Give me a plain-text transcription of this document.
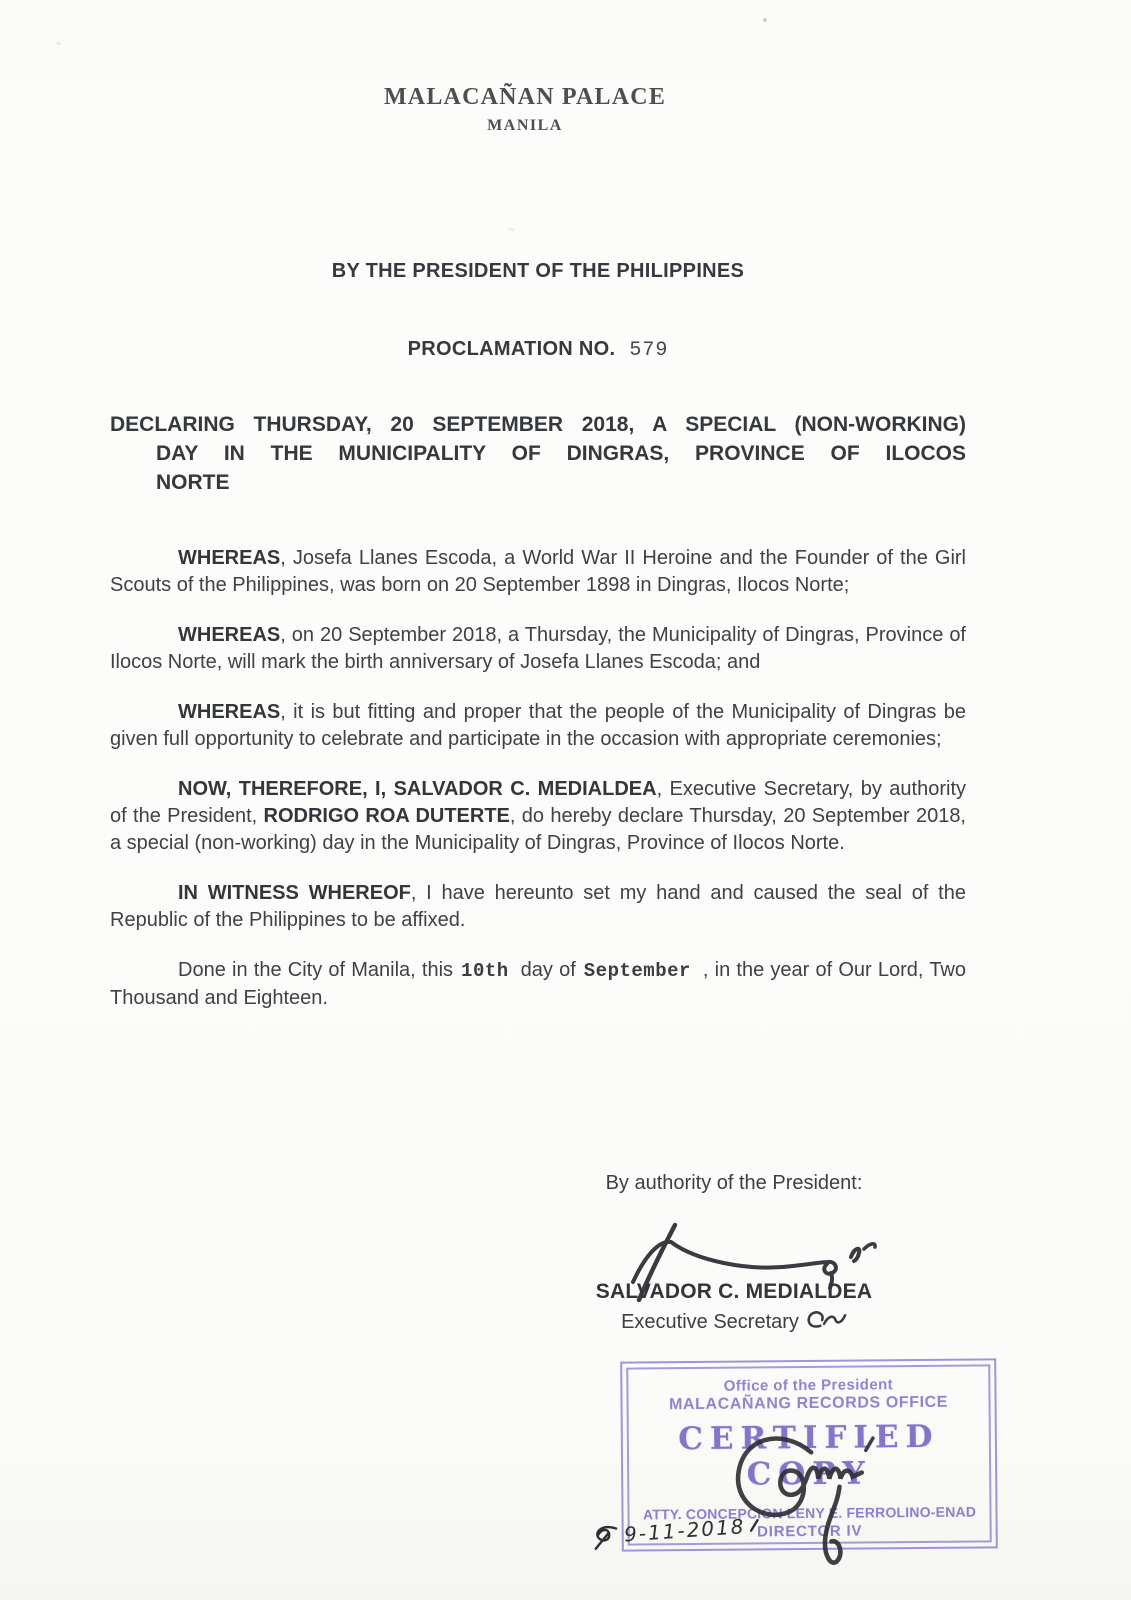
MALACAÑAN PALACE
MANILA
BY THE PRESIDENT OF THE PHILIPPINES
PROCLAMATION NO. 579
DECLARING THURSDAY, 20 SEPTEMBER 2018, A SPECIAL (NON-WORKING)
DAY IN THE MUNICIPALITY OF DINGRAS, PROVINCE OF ILOCOS
NORTE

WHEREAS, Josefa Llanes Escoda, a World War II Heroine and the Founder of the Girl Scouts of the Philippines, was born on 20 September 1898 in Dingras, Ilocos Norte;

WHEREAS, on 20 September 2018, a Thursday, the Municipality of Dingras, Province of Ilocos Norte, will mark the birth anniversary of Josefa Llanes Escoda; and

WHEREAS, it is but fitting and proper that the people of the Municipality of Dingras be given full opportunity to celebrate and participate in the occasion with appropriate ceremonies;

NOW, THEREFORE, I, SALVADOR C. MEDIALDEA, Executive Secretary, by authority of the President, RODRIGO ROA DUTERTE, do hereby declare Thursday, 20 September 2018, a special (non-working) day in the Municipality of Dingras, Province of Ilocos Norte.

IN WITNESS WHEREOF, I have hereunto set my hand and caused the seal of the Republic of the Philippines to be affixed.

Done in the City of Manila, this 10th day of September , in the year of Our Lord, Two Thousand and Eighteen.

By authority of the President:
SALVADOR C. MEDIALDEA
Executive Secretary
Office of the President
MALACAÑANG RECORDS OFFICE
CERTIFIED COPY
ATTY. CONCEPCION LENY E. FERROLINO-ENAD
DIRECTOR IV
9-11-2018
